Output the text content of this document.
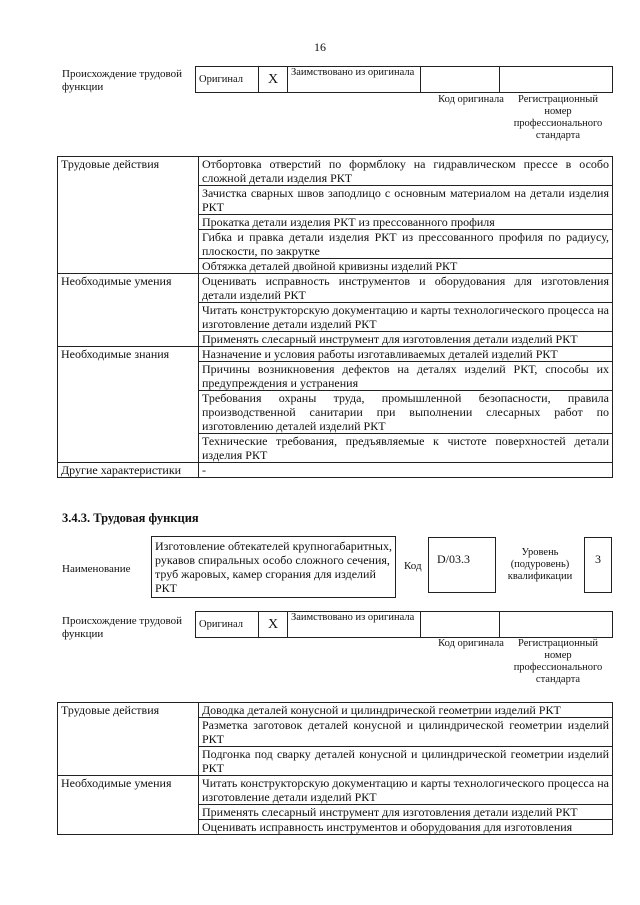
16
Происхождение трудовой функции
Оригинал	X	Заимствовано из оригинала		
Код оригинала	Регистрационный номер профессионального стандарта
Трудовые действия	Отбортовка отверстий по формблоку на гидравлическом прессе в особо сложной детали изделия РКТ
	Зачистка сварных швов заподлицо с основным материалом на детали изделия РКТ
	Прокатка детали изделия РКТ из прессованного профиля
	Гибка и правка детали изделия РКТ из прессованного профиля по радиусу, плоскости, по закрутке
	Обтяжка деталей двойной кривизны изделий РКТ
Необходимые умения	Оценивать исправность инструментов и оборудования для изготовления детали изделий РКТ
	Читать конструкторскую документацию и карты технологического процесса на изготовление детали изделий РКТ
	Применять слесарный инструмент для изготовления детали изделий РКТ
Необходимые знания	Назначение и условия работы изготавливаемых деталей изделий РКТ
	Причины возникновения дефектов на деталях изделий РКТ, способы их предупреждения и устранения
	Требования охраны труда, промышленной безопасности, правила производственной санитарии при выполнении слесарных работ по изготовлению деталей изделий РКТ
	Технические требования, предъявляемые к чистоте поверхностей детали изделия РКТ
Другие характеристики	-
3.4.3. Трудовая функция
Наименование
Изготовление обтекателей крупногабаритных, рукавов спиральных особо сложного сечения, труб жаровых, камер сгорания для изделий РКТ
Код	D/03.3	Уровень (подуровень) квалификации
3
Происхождение трудовой функции
Оригинал	X	Заимствовано из оригинала		
Код оригинала	Регистрационный номер профессионального стандарта
Трудовые действия	Доводка деталей конусной и цилиндрической геометрии изделий РКТ
	Разметка заготовок деталей конусной и цилиндрической геометрии изделий РКТ
	Подгонка под сварку деталей конусной и цилиндрической геометрии изделий РКТ
Необходимые умения	Читать конструкторскую документацию и карты технологического процесса на изготовление детали изделий РКТ
	Применять слесарный инструмент для изготовления детали изделий РКТ
	Оценивать исправность инструментов и оборудования для изготовления
